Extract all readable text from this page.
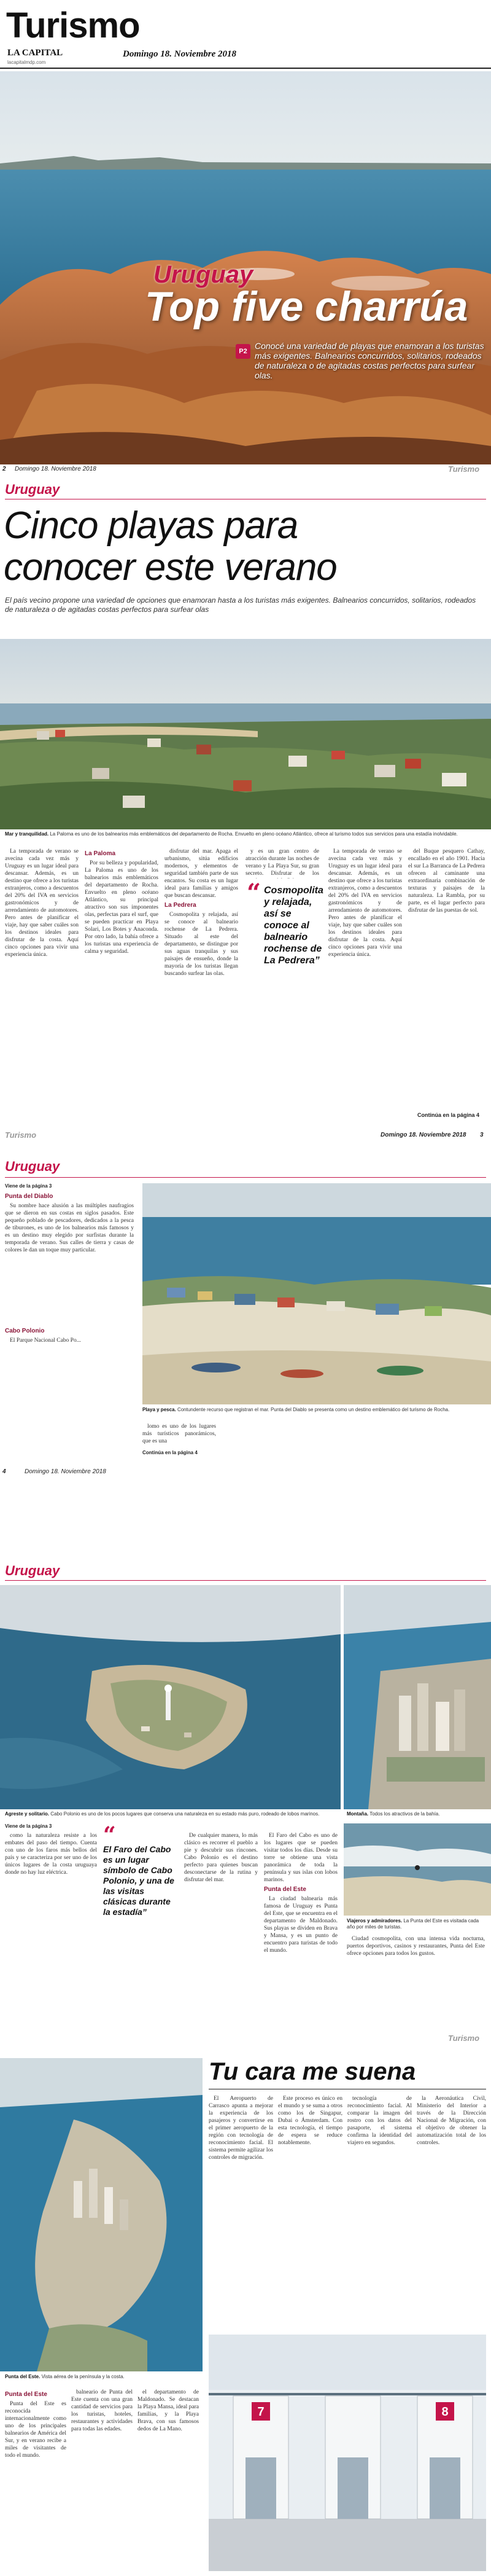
Turismo
LA CAPITAL
lacapitalmdp.com
Domingo 18. Noviembre 2018
Uruguay
Top five charrúa
P2
Conocé una variedad de playas que enamoran a los turistas más exigentes. Balnearios concurridos, solitarios, rodeados de naturaleza o de agitadas costas perfectos para surfear olas.
2 Domingo 18. Noviembre 2018	Turismo
Uruguay
Cinco playas para
conocer este verano
El país vecino propone una variedad de opciones que enamoran hasta a los turistas más exigentes. Balnearios concurridos, solitarios, rodeados de naturaleza o de agitadas costas perfectos para surfear olas
Mar y tranquilidad. La Paloma es uno de los balnearios más emblemáticos del departamento de Rocha. Envuelto en pleno océano Atlántico, ofrece al turismo todos sus servicios para una estadía inolvidable.

La temporada de verano se avecina cada vez más y Uruguay es un lugar ideal para descansar. Además, es un destino que ofrece a los turistas extranjeros, como a descuentos del 20% del IVA en servicios gastronómicos y de arrendamiento de automotores. Pero antes de planificar el viaje, hay que saber cuáles son los destinos ideales para disfrutar de la costa. Aquí cinco opciones para vivir una experiencia única.

La Paloma

Por su belleza y popularidad, La Paloma es uno de los balnearios más emblemáticos del departamento de Rocha. Envuelto en pleno océano Atlántico, su principal atractivo son sus imponentes olas, perfectas para el surf, que se pueden practicar en Playa Solari, Los Botes y Anaconda. Por otro lado, la bahía ofrece a los turistas una experiencia de calma y seguridad.

disfrutar del mar. Apaga el urbanismo, sitúa edificios modernos, y elementos de seguridad también parte de sus encantos. Su costa es un lugar ideal para familias y amigos que buscan descansar.

La Pedrera

Cosmopolita y relajada, así se conoce al balneario rochense de La Pedrera. Situado al este del departamento, se distingue por sus aguas tranquilas y sus paisajes de ensueño, donde la mayoría de los turistas llegan buscando surfear las olas.

“ Cosmopolita y relajada, así se conoce al balneario rochense de La Pedrera”

y es un gran centro de atracción durante las noches de verano y La Playa Sur, su gran secreto. Disfrutar de los

del Buque pesquero Cathay, encallado en el año 1901. Hacia el sur La Barranca de La Pedrera ofrecen al caminante una extraordinaria combinación de texturas y paisajes de la naturaleza. La Rambla, por su parte, es el lugar perfecto para disfrutar de las puestas de sol.

La temporada de verano se avecina cada vez más y Uruguay es un lugar ideal para descansar. Además, es un destino que ofrece a los turistas extranjeros, como a descuentos del 20% del IVA en servicios gastronómicos y de arrendamiento de automotores. Pero antes de planificar el viaje, hay que saber cuáles son los destinos ideales para disfrutar de la costa. Aquí cinco opciones para vivir una experiencia única.

Continúa en la página 4
Turismo	Domingo 18. Noviembre 2018 3
Uruguay
Viene de la página 3
Punta del Diablo

Su nombre hace alusión a las múltiples naufragios que se dieron en sus costas en siglos pasados. Este pequeño poblado de pescadores, dedicados a la pesca de tiburones, es uno de los balnearios más famosos y es un destino muy elegido por surfistas durante la temporada de verano. Sus calles de tierra y casas de colores le dan un toque muy particular.

Cabo Polonio

El Parque Nacional Cabo Po...

Playa y pesca. Contundente recurso que registran el mar. Punta del Diablo se presenta como un destino emblemático del turismo de Rocha.

lomo es uno de los lugares más turísticos panorámicos, que es una

Continúa en la página 4
4	Domingo 18. Noviembre 2018
Uruguay
Agreste y solitario. Cabo Polonio es uno de los pocos lugares que conserva una naturaleza en su estado más puro, rodeado de lobos marinos.	Montaña. Todos los atractivos de la bahía.
Viene de la página 3

como la naturaleza resiste a los embates del paso del tiempo. Cuenta con uno de los faros más bellos del país y se caracteriza por ser uno de los únicos lugares de la costa uruguaya donde no hay luz eléctrica.

“
El Faro del Cabo es un lugar símbolo de Cabo Polonio, y una de las visitas clásicas durante la estadía”

De cualquier manera, lo más clásico es recorrer el pueblo a pie y descubrir sus rincones. Cabo Polonio es el destino perfecto para quienes buscan desconectarse de la rutina y disfrutar del mar.

El Faro del Cabo es uno de los lugares que se pueden visitar todos los días. Desde su torre se obtiene una vista panorámica de toda la península y sus islas con lobos marinos.

Punta del Este

La ciudad balnearia más famosa de Uruguay es Punta del Este, que se encuentra en el departamento de Maldonado. Sus playas se dividen en Brava y Mansa, y es un punto de encuentro para turistas de todo el mundo.

Viajeros y admiradores. La Punta del Este es visitada cada año por miles de turistas.

Ciudad cosmopolita, con una intensa vida nocturna, puertos deportivos, casinos y restaurantes, Punta del Este ofrece opciones para todos los gustos.

Turismo
Punta del Este. Vista aérea de la península y la costa.
Punta del Este

Punta del Este es reconocida internacionalmente como uno de los principales balnearios de América del Sur, y en verano recibe a miles de visitantes de todo el mundo.

balneario de Punta del Este cuenta con una gran cantidad de servicios para los turistas, hoteles, restaurantes y actividades para todas las edades.

el departamento de Maldonado. Se destacan la Playa Mansa, ideal para familias, y la Playa Brava, con sus famosos dedos de La Mano.

Tu cara me suena

El Aeropuerto de Carrasco apunta a mejorar la experiencia de los pasajeros y convertirse en el primer aeropuerto de la región con tecnología de reconocimiento facial. El sistema permite agilizar los controles de migración.

Este proceso es único en el mundo y se suma a otros como los de Singapur, Dubai o Ámsterdam. Con esta tecnología, el tiempo de espera se reduce notablemente.

tecnología de reconocimiento facial. Al comparar la imagen del rostro con los datos del pasaporte, el sistema confirma la identidad del viajero en segundos.

la Aeronáutica Civil, Ministerio del Interior a través de la Dirección Nacional de Migración, con el objetivo de obtener la automatización total de los controles.

7	8
